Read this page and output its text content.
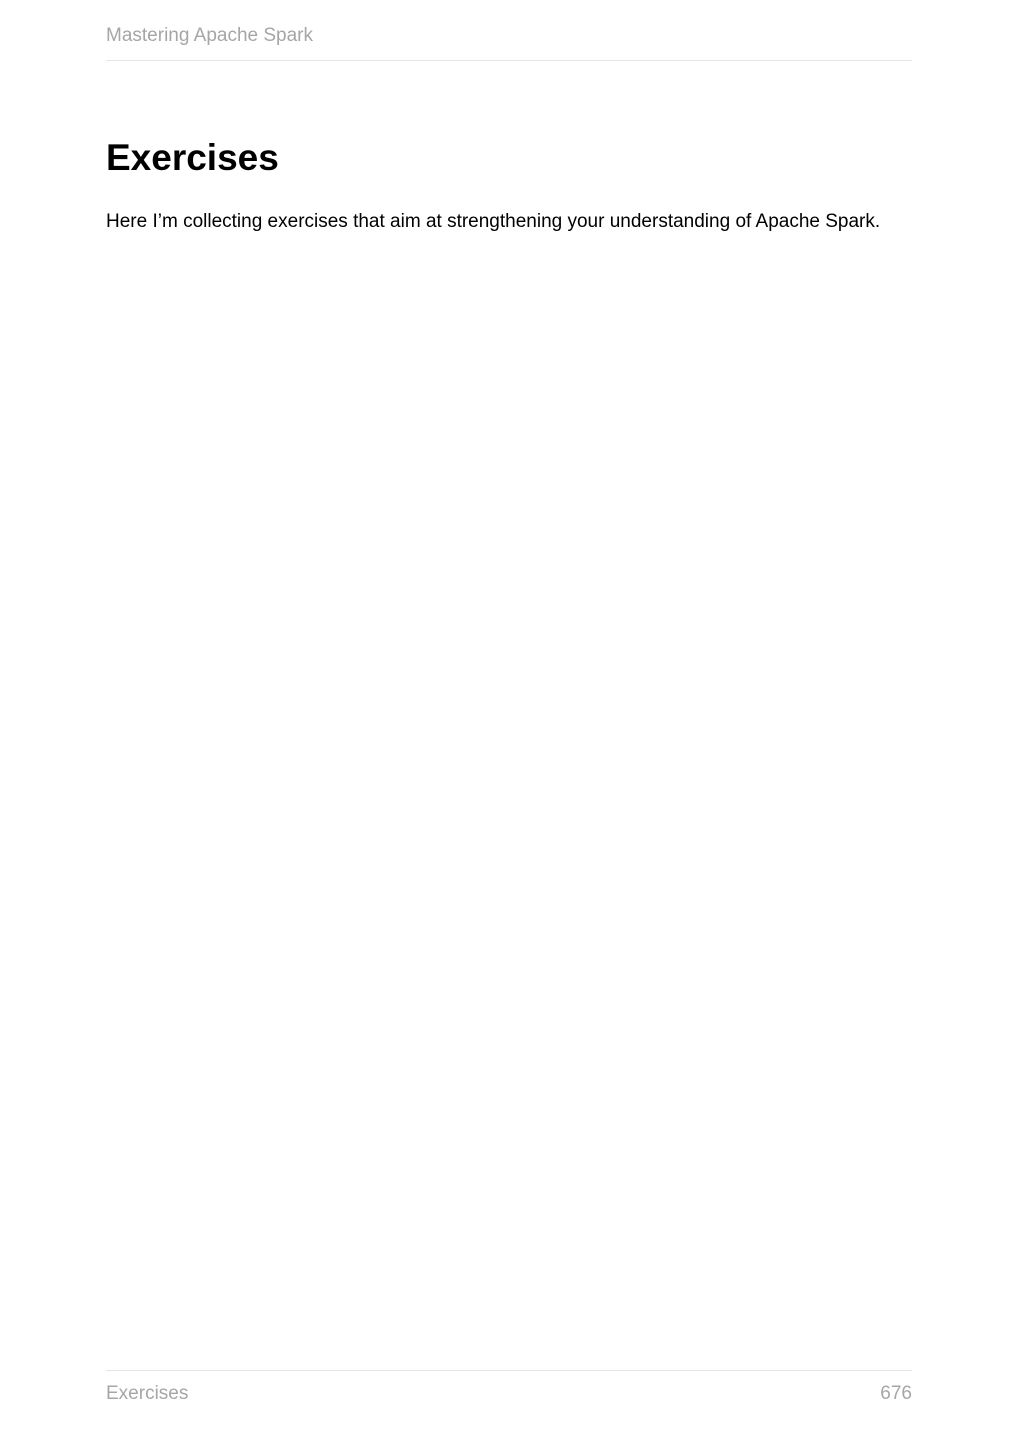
Mastering Apache Spark
Exercises

Here I’m collecting exercises that aim at strengthening your understanding of Apache Spark.

Exercises	676
